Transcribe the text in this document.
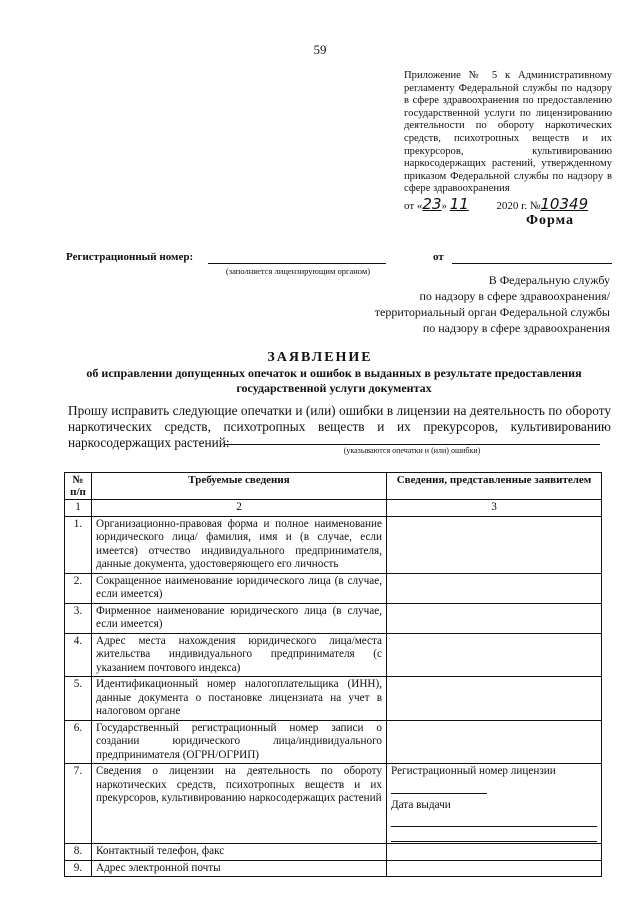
59

Приложение № 5 к Административному регламенту Федеральной службы по надзору в сфере здравоохранения по предоставлению государственной услуги по лицензированию деятельности по обороту наркотических средств, психотропных веществ и их прекурсоров, культивированию наркосодержащих растений, утвержденному приказом Федеральной службы по надзору в сфере здравоохранения

от «23» 11	2020 г. №10349
Форма
Регистрационный номер:
(заполняется лицензирующим органом)
от
В Федеральную службу
по надзору в сфере здравоохранения/
территориальный орган Федеральной службы
по надзору в сфере здравоохранения
ЗАЯВЛЕНИЕ
об исправлении допущенных опечаток и ошибок в выданных в результате предоставления государственной услуги документах

Прошу исправить следующие опечатки и (или) ошибки в лицензии на деятельность по обороту наркотических средств, психотропных веществ и их прекурсоров, культивированию наркосодержащих растений:

(указываются опечатки и (или) ошибки)
№ п/п	Требуемые сведения	Сведения, представленные заявителем
1	2	3
1.	Организационно-правовая форма и полное наименование юридического лица/ фамилия, имя и (в случае, если имеется) отчество индивидуального предпринимателя, данные документа, удостоверяющего его личность	
2.	Сокращенное наименование юридического лица (в случае, если имеется)	
3.	Фирменное наименование юридического лица (в случае, если имеется)	
4.	Адрес места нахождения юридического лица/места жительства индивидуального предпринимателя (с указанием почтового индекса)	
5.	Идентификационный номер налогоплательщика (ИНН), данные документа о постановке лицензиата на учет в налоговом органе	
6.	Государственный регистрационный номер записи о создании юридического лица/индивидуального предпринимателя (ОГРН/ОГРИП)	
7.	Сведения о лицензии на деятельность по обороту наркотических средств, психотропных веществ и их прекурсоров, культивированию наркосодержащих растений	Регистрационный номер лицензии
Дата выдачи

8.	Контактный телефон, факс	
9.	Адрес электронной почты	
